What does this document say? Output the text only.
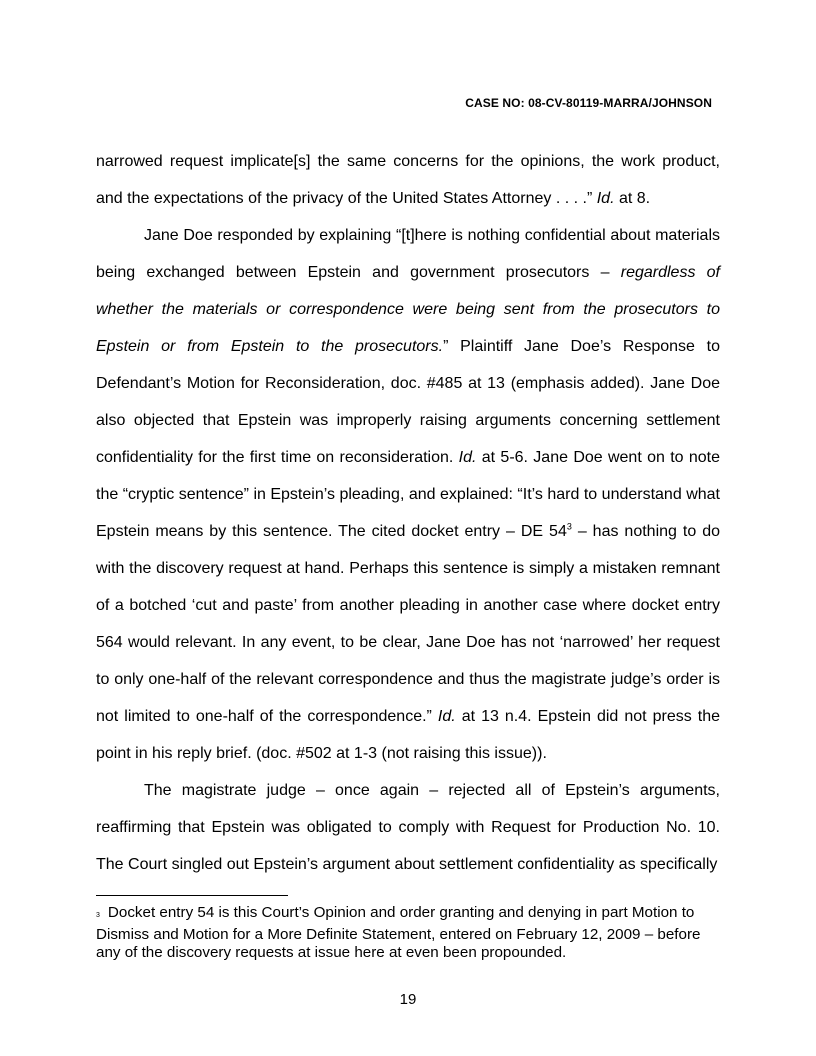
CASE NO: 08-CV-80119-MARRA/JOHNSON

narrowed request implicate[s] the same concerns for the opinions, the work product, and the expectations of the privacy of the United States Attorney . . . .” Id. at 8.

Jane Doe responded by explaining “[t]here is nothing confidential about materials being exchanged between Epstein and government prosecutors – regardless of whether the materials or correspondence were being sent from the prosecutors to Epstein or from Epstein to the prosecutors.” Plaintiff Jane Doe’s Response to Defendant’s Motion for Reconsideration, doc. #485 at 13 (emphasis added). Jane Doe also objected that Epstein was improperly raising arguments concerning settlement confidentiality for the first time on reconsideration. Id. at 5-6. Jane Doe went on to note the “cryptic sentence” in Epstein’s pleading, and explained: “It’s hard to understand what Epstein means by this sentence. The cited docket entry – DE $54^3$ – has nothing to do with the discovery request at hand. Perhaps this sentence is simply a mistaken remnant of a botched ‘cut and paste’ from another pleading in another case where docket entry 564 would relevant. In any event, to be clear, Jane Doe has not ‘narrowed’ her request to only one-half of the relevant correspondence and thus the magistrate judge’s order is not limited to one-half of the correspondence.” Id. at 13 n.4. Epstein did not press the point in his reply brief. (doc. #502 at 1-3 (not raising this issue)).

The magistrate judge – once again – rejected all of Epstein’s arguments, reaffirming that Epstein was obligated to comply with Request for Production No. 10. The Court singled out Epstein’s argument about settlement confidentiality as specifically

3 Docket entry 54 is this Court’s Opinion and order granting and denying in part Motion to Dismiss and Motion for a More Definite Statement, entered on February 12, 2009 – before any of the discovery requests at issue here at even been propounded.
19
